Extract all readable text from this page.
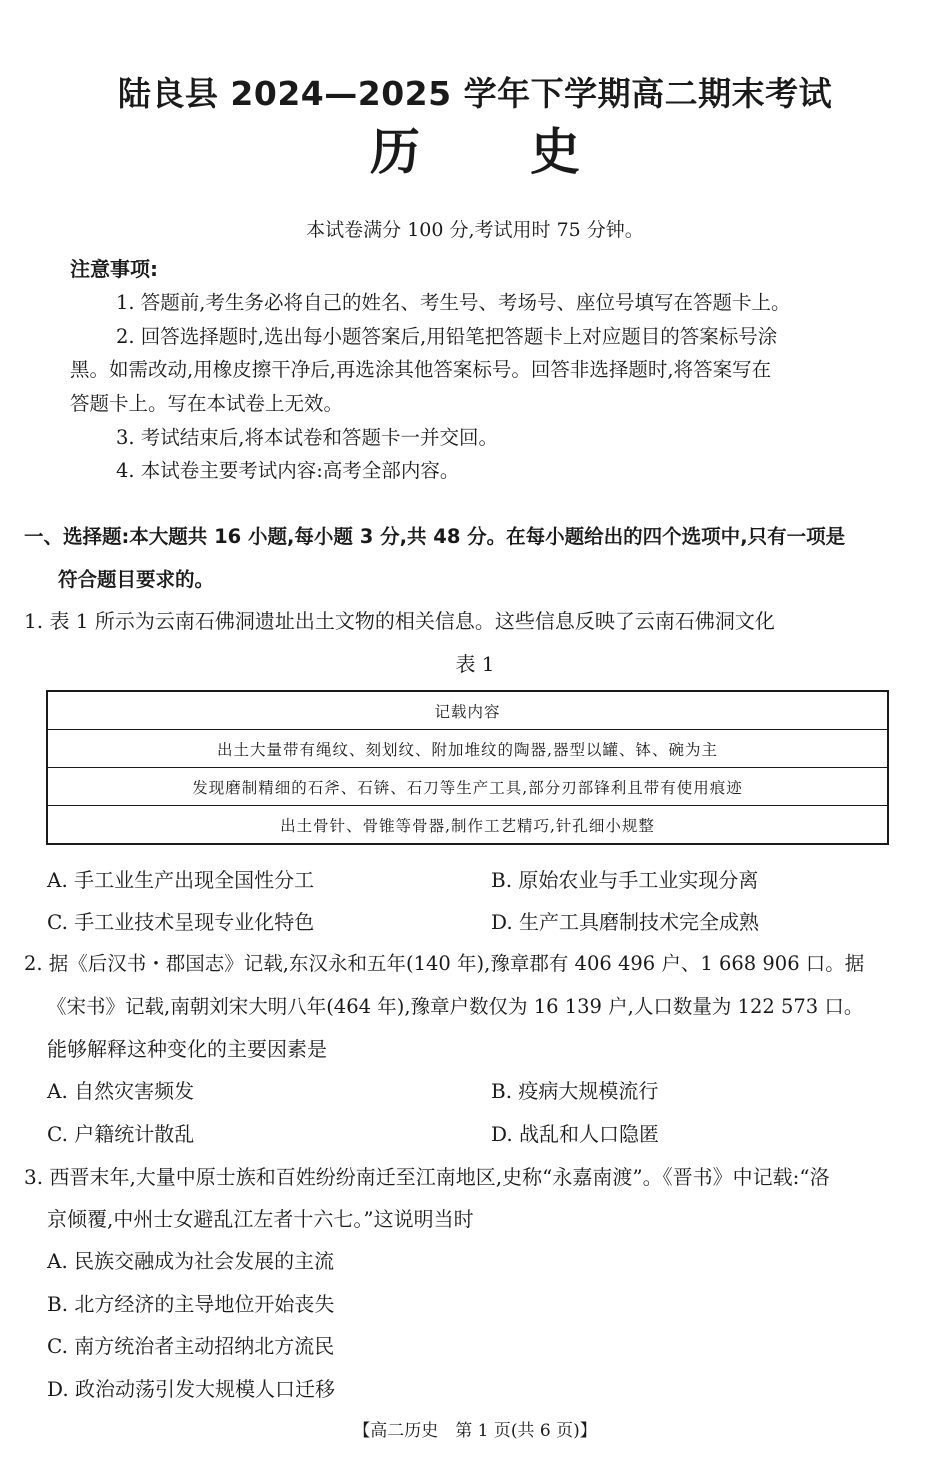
陆良县 2024—2025 学年下学期高二期末考试
历 史
本试卷满分 100 分,考试用时 75 分钟。
注意事项:
1. 答题前,考生务必将自己的姓名、考生号、考场号、座位号填写在答题卡上。
2. 回答选择题时,选出每小题答案后,用铅笔把答题卡上对应题目的答案标号涂
黑。如需改动,用橡皮擦干净后,再选涂其他答案标号。回答非选择题时,将答案写在
答题卡上。写在本试卷上无效。
3. 考试结束后,将本试卷和答题卡一并交回。
4. 本试卷主要考试内容:高考全部内容。
一、选择题:本大题共 16 小题,每小题 3 分,共 48 分。在每小题给出的四个选项中,只有一项是
符合题目要求的。
1. 表 1 所示为云南石佛洞遗址出土文物的相关信息。这些信息反映了云南石佛洞文化
表 1
记载内容
出土大量带有绳纹、刻划纹、附加堆纹的陶器,器型以罐、钵、碗为主
发现磨制精细的石斧、石锛、石刀等生产工具,部分刃部锋利且带有使用痕迹
出土骨针、骨锥等骨器,制作工艺精巧,针孔细小规整
A. 手工业生产出现全国性分工	B. 原始农业与手工业实现分离
C. 手工业技术呈现专业化特色	D. 生产工具磨制技术完全成熟
2. 据《后汉书・郡国志》记载,东汉永和五年(140 年),豫章郡有 406 496 户、1 668 906 口。据
《宋书》记载,南朝刘宋大明八年(464 年),豫章户数仅为 16 139 户,人口数量为 122 573 口。
能够解释这种变化的主要因素是
A. 自然灾害频发	B. 疫病大规模流行
C. 户籍统计散乱	D. 战乱和人口隐匿
3. 西晋末年,大量中原士族和百姓纷纷南迁至江南地区,史称“永嘉南渡”。《晋书》中记载:“洛
京倾覆,中州士女避乱江左者十六七。”这说明当时
A. 民族交融成为社会发展的主流
B. 北方经济的主导地位开始丧失
C. 南方统治者主动招纳北方流民
D. 政治动荡引发大规模人口迁移
【高二历史　第 1 页(共 6 页)】
